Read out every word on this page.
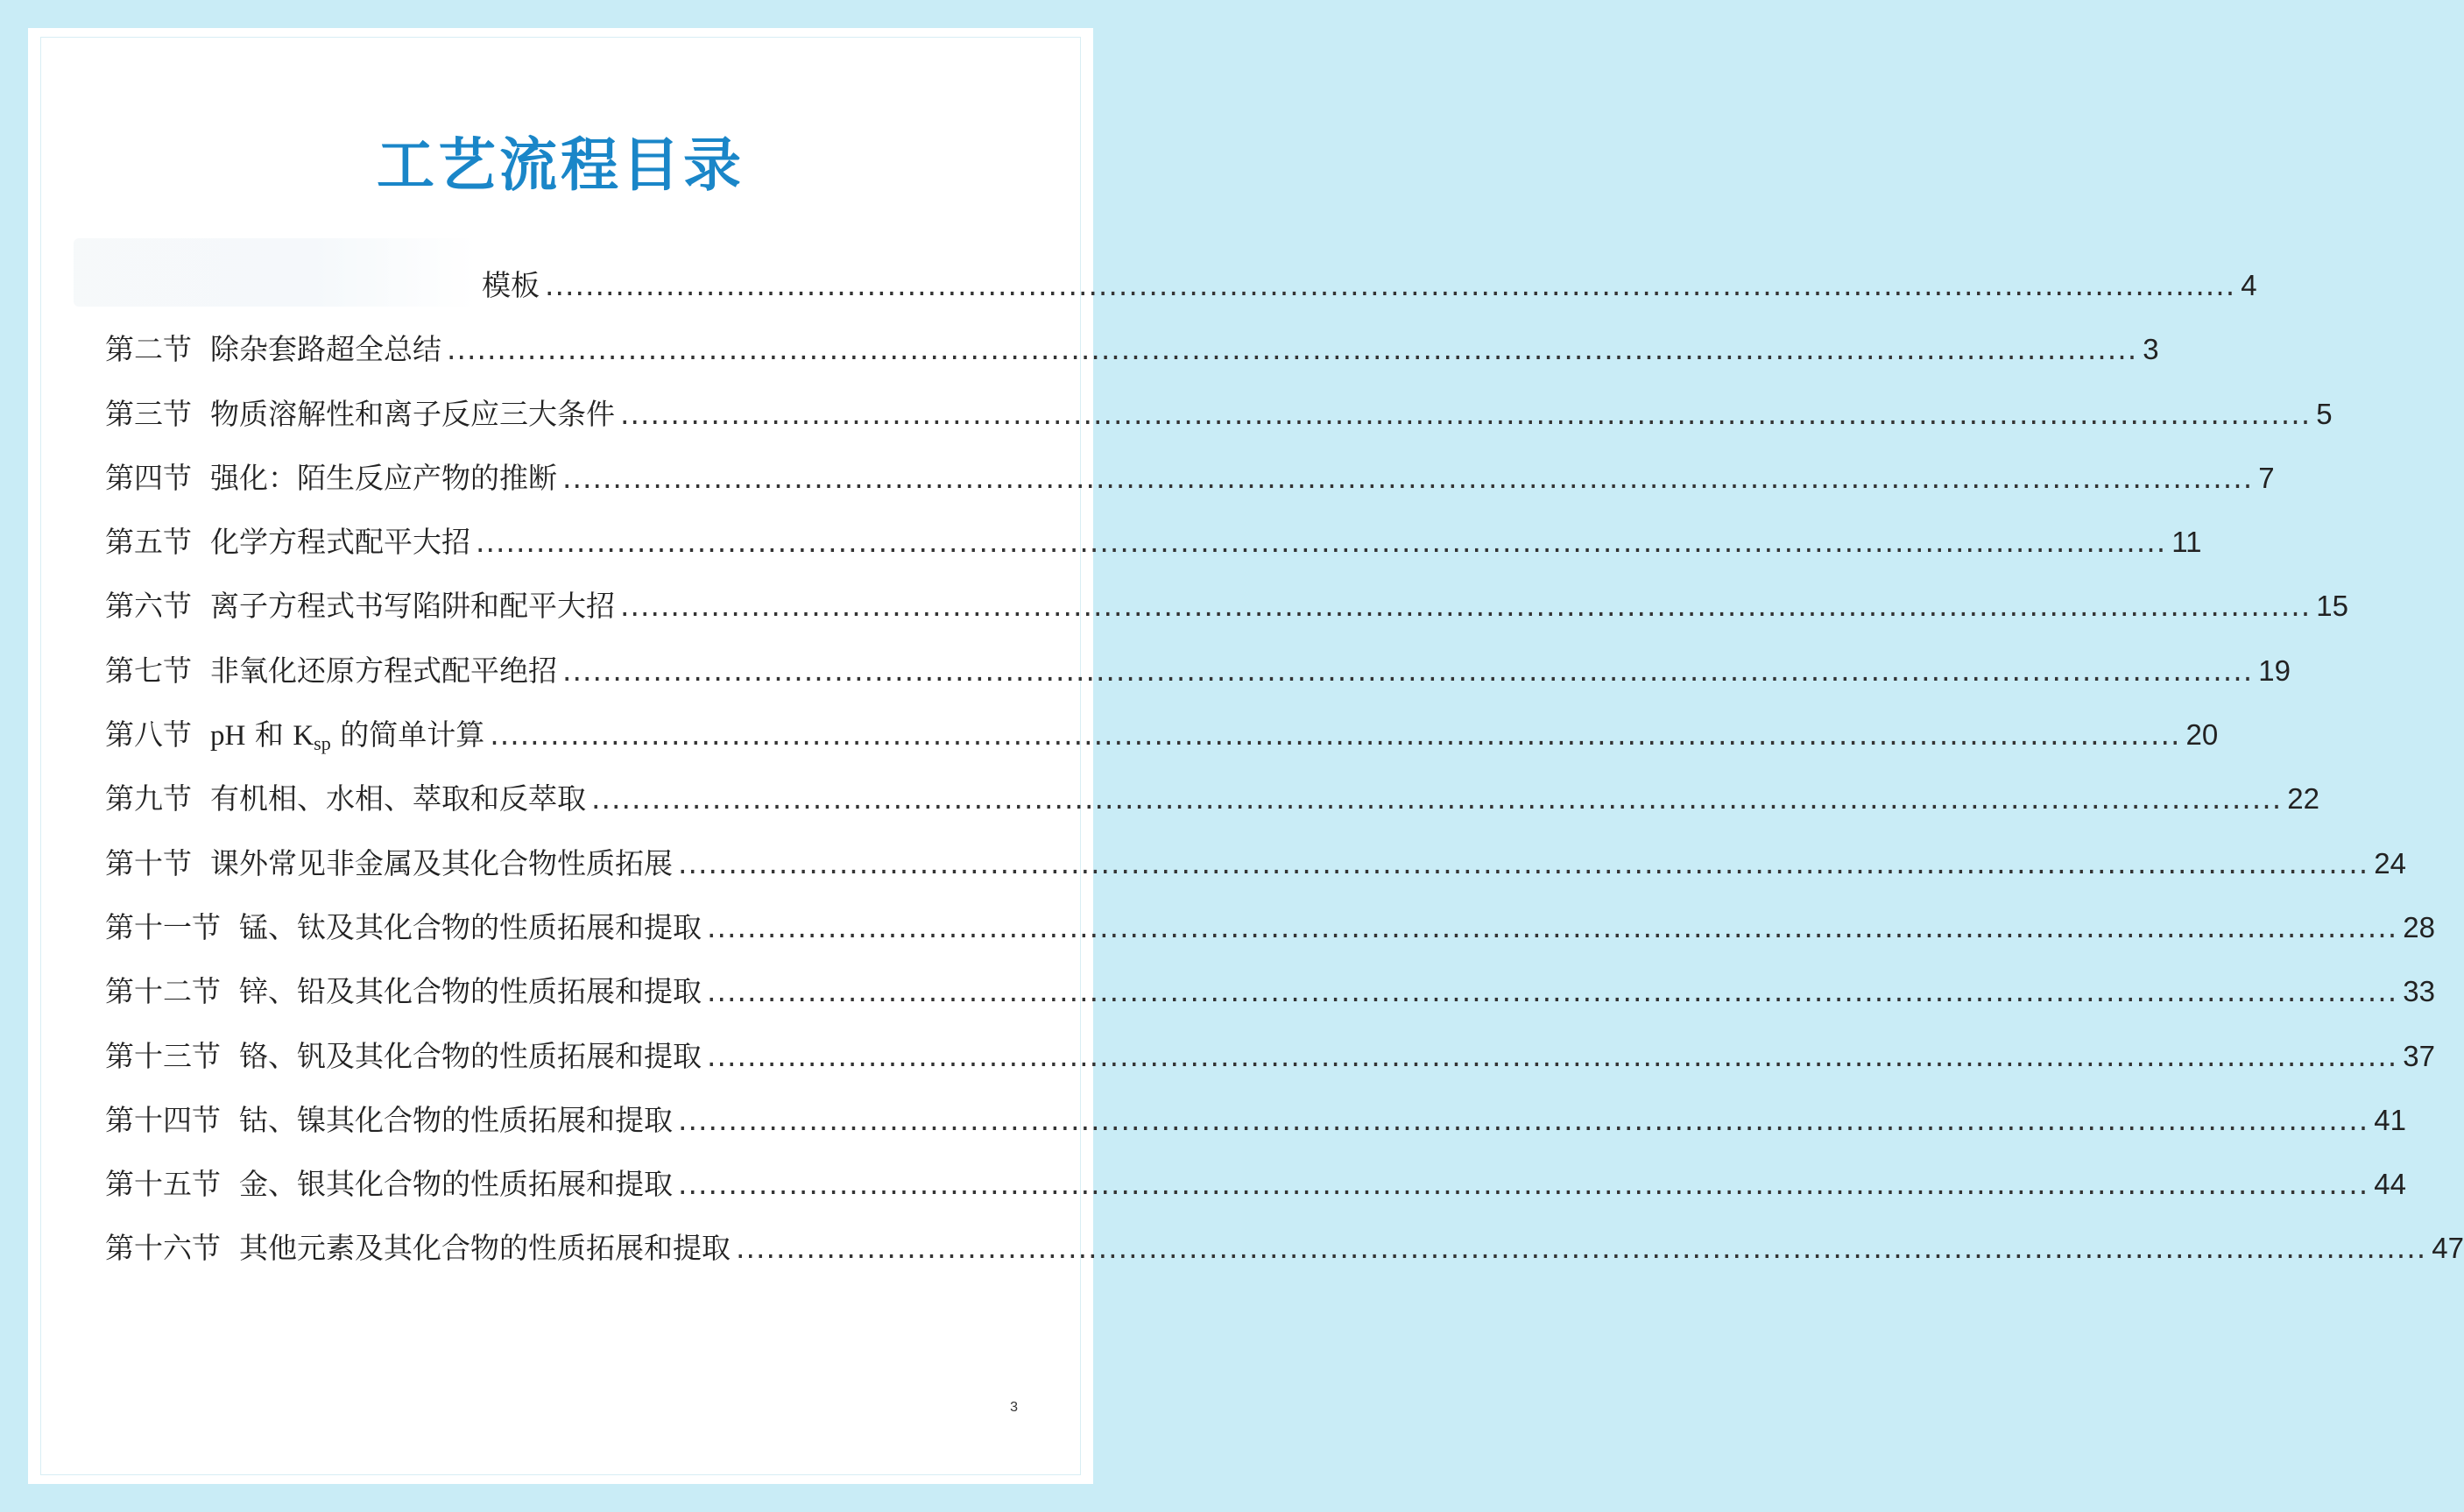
工艺流程目录
模板 ........................................................................................................................................................................ 4
第二节  除杂套路超全总结 ........................................................................................................................................................................ 3
第三节  物质溶解性和离子反应三大条件 ........................................................................................................................................................................ 5
第四节  强化：陌生反应产物的推断 ........................................................................................................................................................................ 7
第五节  化学方程式配平大招 ........................................................................................................................................................................ 11
第六节  离子方程式书写陷阱和配平大招 ........................................................................................................................................................................ 15
第七节  非氧化还原方程式配平绝招 ........................................................................................................................................................................ 19
第八节  pH 和 $K_{sp}$ 的简单计算 ........................................................................................................................................................................ 20
第九节  有机相、水相、萃取和反萃取 ........................................................................................................................................................................ 22
第十节  课外常见非金属及其化合物性质拓展 ........................................................................................................................................................................ 24
第十一节  锰、钛及其化合物的性质拓展和提取 ........................................................................................................................................................................ 28
第十二节  锌、铅及其化合物的性质拓展和提取 ........................................................................................................................................................................ 33
第十三节  铬、钒及其化合物的性质拓展和提取 ........................................................................................................................................................................ 37
第十四节  钴、镍其化合物的性质拓展和提取 ........................................................................................................................................................................ 41
第十五节  金、银其化合物的性质拓展和提取 ........................................................................................................................................................................ 44
第十六节  其他元素及其化合物的性质拓展和提取 ........................................................................................................................................................................ 47
3
